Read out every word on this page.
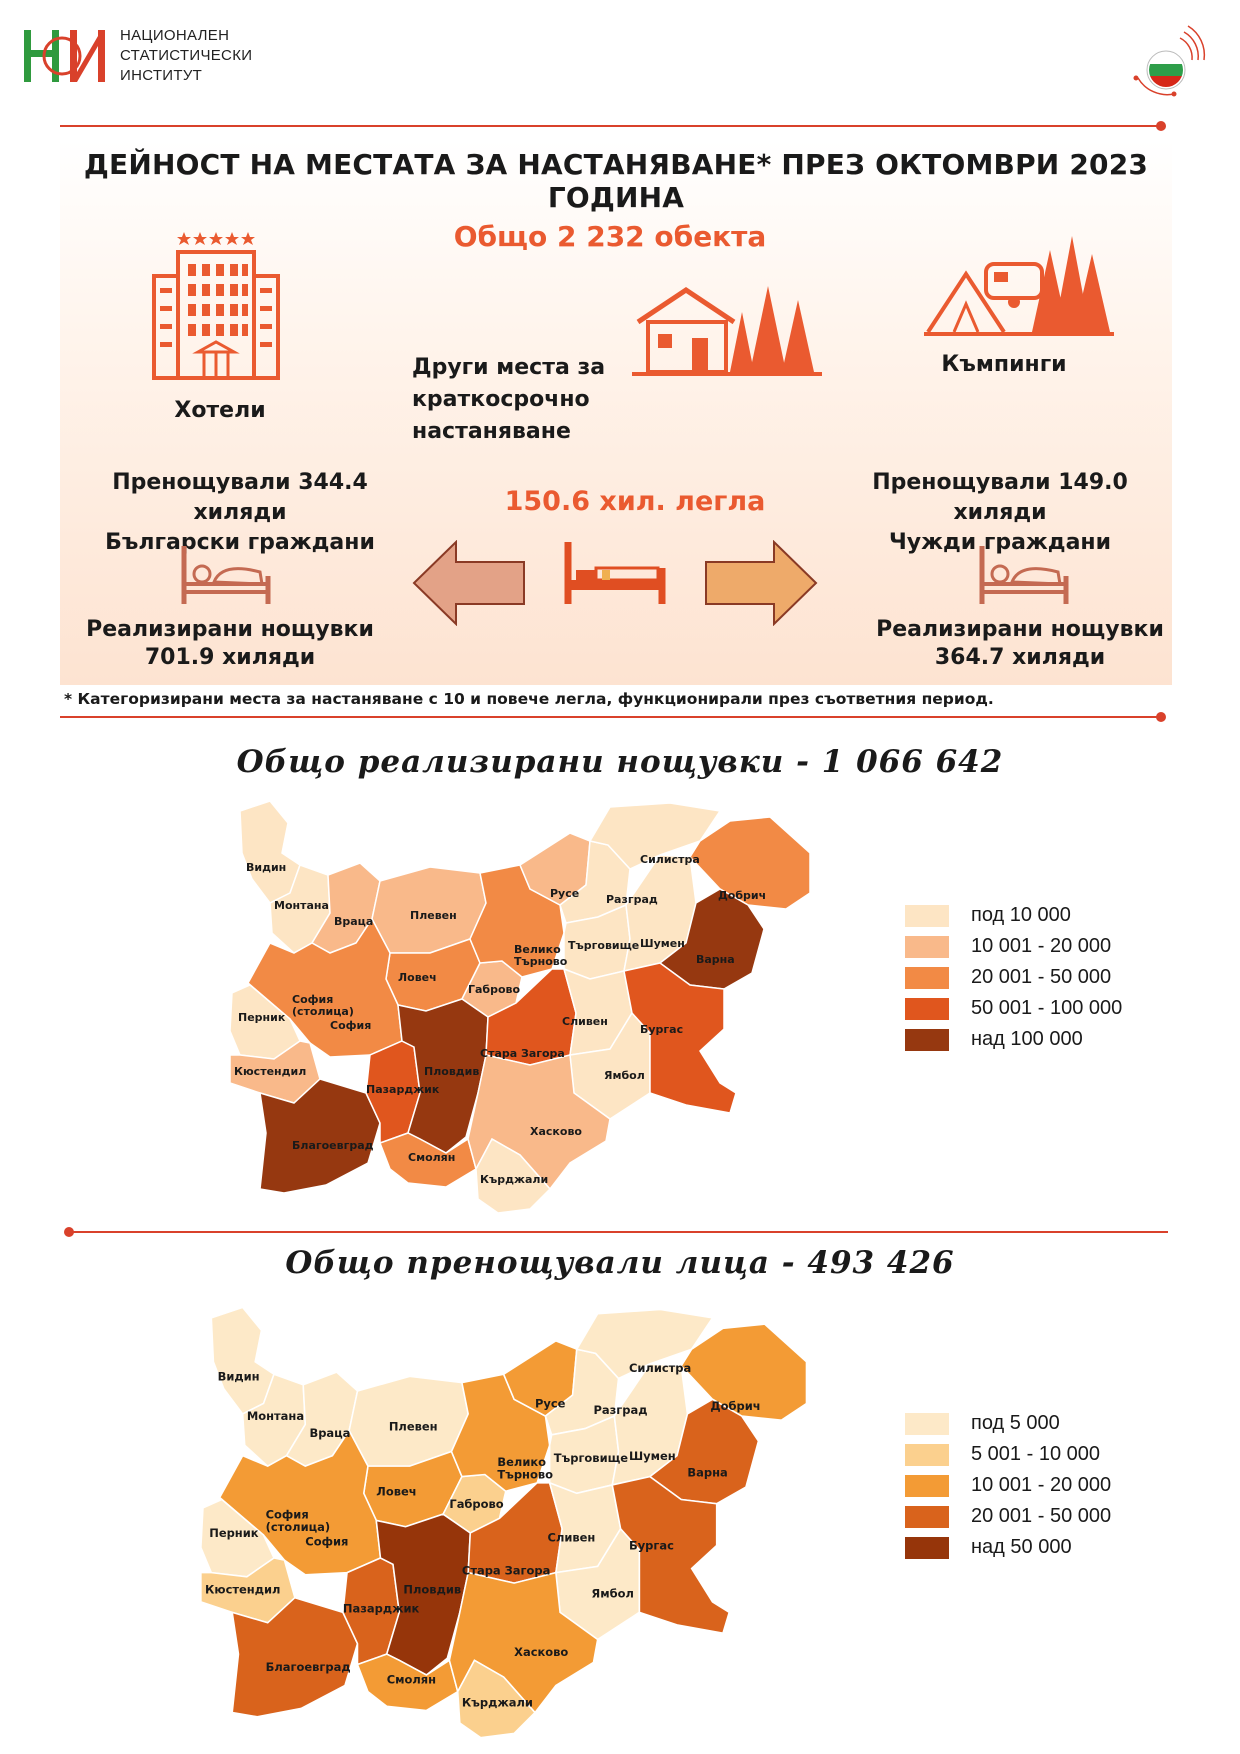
НАЦИОНАЛЕН
СТАТИСТИЧЕСКИ
ИНСТИТУТ
ДЕЙНОСТ НА МЕСТАТА ЗА НАСТАНЯВАНЕ* ПРЕЗ ОКТОМВРИ 2023 ГОДИНА
Общо 2 232 обекта
Хотели
Други места за
краткосрочно настаняване
Къмпинги
Пренощували 344.4 хиляди
Български граждани
Пренощували 149.0 хиляди
Чужди граждани
150.6 хил. легла
Реализирани нощувки
701.9 хиляди
Реализирани нощувки
364.7 хиляди
* Категоризирани места за настаняване с 10 и повече легла, функционирали през съответния период.
Общо реализирани нощувки - 1 066 642
Видин
Монтана
Враца	Плевен
Ловеч
Габрово
Велико Търново
Русе Разград
Силистра
Добрич
Търговище Шумен
Варна
София (столица)
София
Перник
Кюстендил
Благоевград
Пазарджик
Пловдив
Смолян
Стара Загора
Сливен
Ямбол
Бургас
Хасково
Кърджали
под 10 000
10 001 - 20 000
20 001 - 50 000
50 001 - 100 000
над 100 000
Общо пренощували лица - 493 426
Видин
Монтана
Враца	Плевен
Ловеч
Габрово
Велико Търново
Русе	Разград
Силистра
Добрич
Търговище Шумен
Варна
София (столица)
София
Перник
Кюстендил
Благоевград
Пазарджик
Пловдив
Смолян
Стара Загора
Сливен
Ямбол
Бургас
Хасково
Кърджали
под 5 000
5 001 - 10 000
10 001 - 20 000
20 001 - 50 000
над 50 000
